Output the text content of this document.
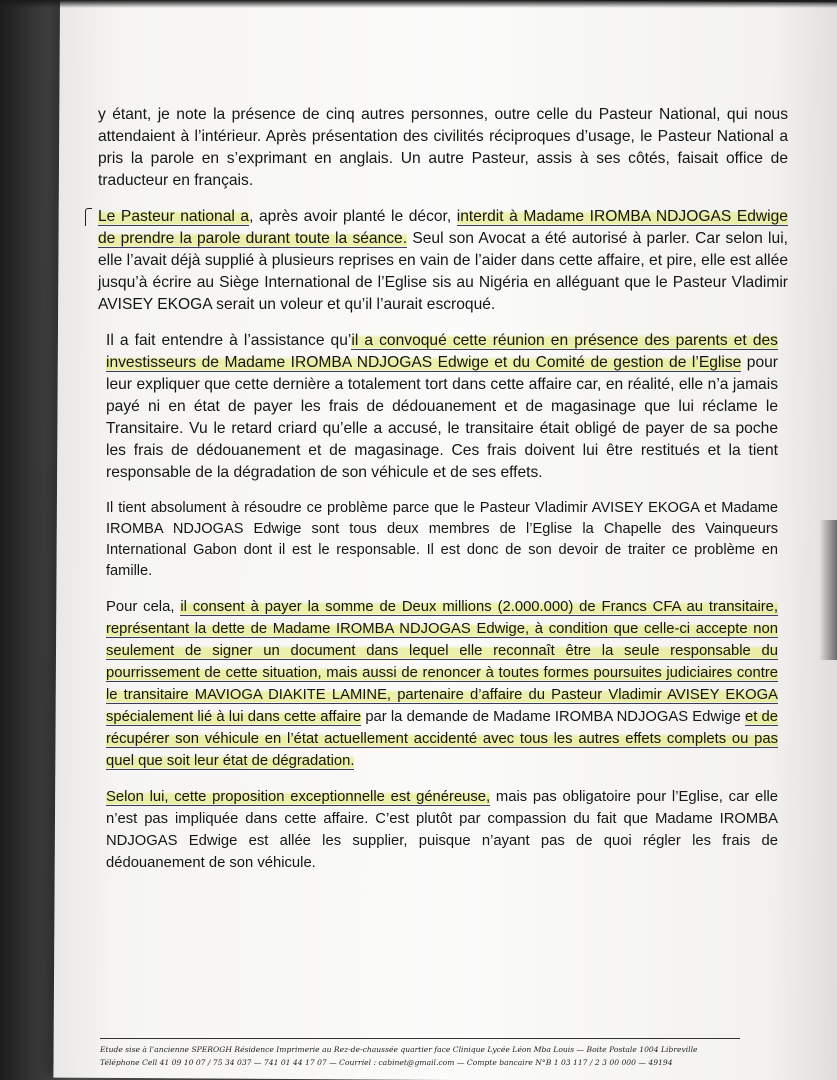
y étant, je note la présence de cinq autres personnes, outre celle du Pasteur National, qui nous attendaient à l’intérieur. Après présentation des civilités réciproques d’usage, le Pasteur National a pris la parole en s’exprimant en anglais. Un autre Pasteur, assis à ses côtés, faisait office de traducteur en français.

Le Pasteur national a, après avoir planté le décor, interdit à Madame IROMBA NDJOGAS Edwige de prendre la parole durant toute la séance. Seul son Avocat a été autorisé à parler. Car selon lui, elle l’avait déjà supplié à plusieurs reprises en vain de l’aider dans cette affaire, et pire, elle est allée jusqu’à écrire au Siège International de l’Eglise sis au Nigéria en alléguant que le Pasteur Vladimir AVISEY EKOGA serait un voleur et qu’il l’aurait escroqué.

Il a fait entendre à l’assistance qu’il a convoqué cette réunion en présence des parents et des investisseurs de Madame IROMBA NDJOGAS Edwige et du Comité de gestion de l’Eglise pour leur expliquer que cette dernière a totalement tort dans cette affaire car, en réalité, elle n’a jamais payé ni en état de payer les frais de dédouanement et de magasinage que lui réclame le Transitaire. Vu le retard criard qu’elle a accusé, le transitaire était obligé de payer de sa poche les frais de dédouanement et de magasinage. Ces frais doivent lui être restitués et la tient responsable de la dégradation de son véhicule et de ses effets.

Il tient absolument à résoudre ce problème parce que le Pasteur Vladimir AVISEY EKOGA et Madame IROMBA NDJOGAS Edwige sont tous deux membres de l’Eglise la Chapelle des Vainqueurs International Gabon dont il est le responsable. Il est donc de son devoir de traiter ce problème en famille.

Pour cela, il consent à payer la somme de Deux millions (2.000.000) de Francs CFA au transitaire, représentant la dette de Madame IROMBA NDJOGAS Edwige, à condition que celle-ci accepte non seulement de signer un document dans lequel elle reconnaît être la seule responsable du pourrissement de cette situation, mais aussi de renoncer à toutes formes poursuites judiciaires contre le transitaire MAVIOGA DIAKITE LAMINE, partenaire d’affaire du Pasteur Vladimir AVISEY EKOGA spécialement lié à lui dans cette affaire par la demande de Madame IROMBA NDJOGAS Edwige et de récupérer son véhicule en l’état actuellement accidenté avec tous les autres effets complets ou pas quel que soit leur état de dégradation.

Selon lui, cette proposition exceptionnelle est généreuse, mais pas obligatoire pour l’Eglise, car elle n’est pas impliquée dans cette affaire. C’est plutôt par compassion du fait que Madame IROMBA NDJOGAS Edwige est allée les supplier, puisque n’ayant pas de quoi régler les frais de dédouanement de son véhicule.

Etude sise à l’ancienne SPEROGH Résidence Imprimerie au Rez-de-chaussée quartier face Clinique Lycée Léon Mba Louis — Boite Postale 1004 Libreville
Téléphone Cell 41 09 10 07 / 75 34 037 — 741 01 44 17 07 — Courriel : cabinet@gmail.com — Compte bancaire N°B 1 03 117 / 2 3 00 000 — 49194
